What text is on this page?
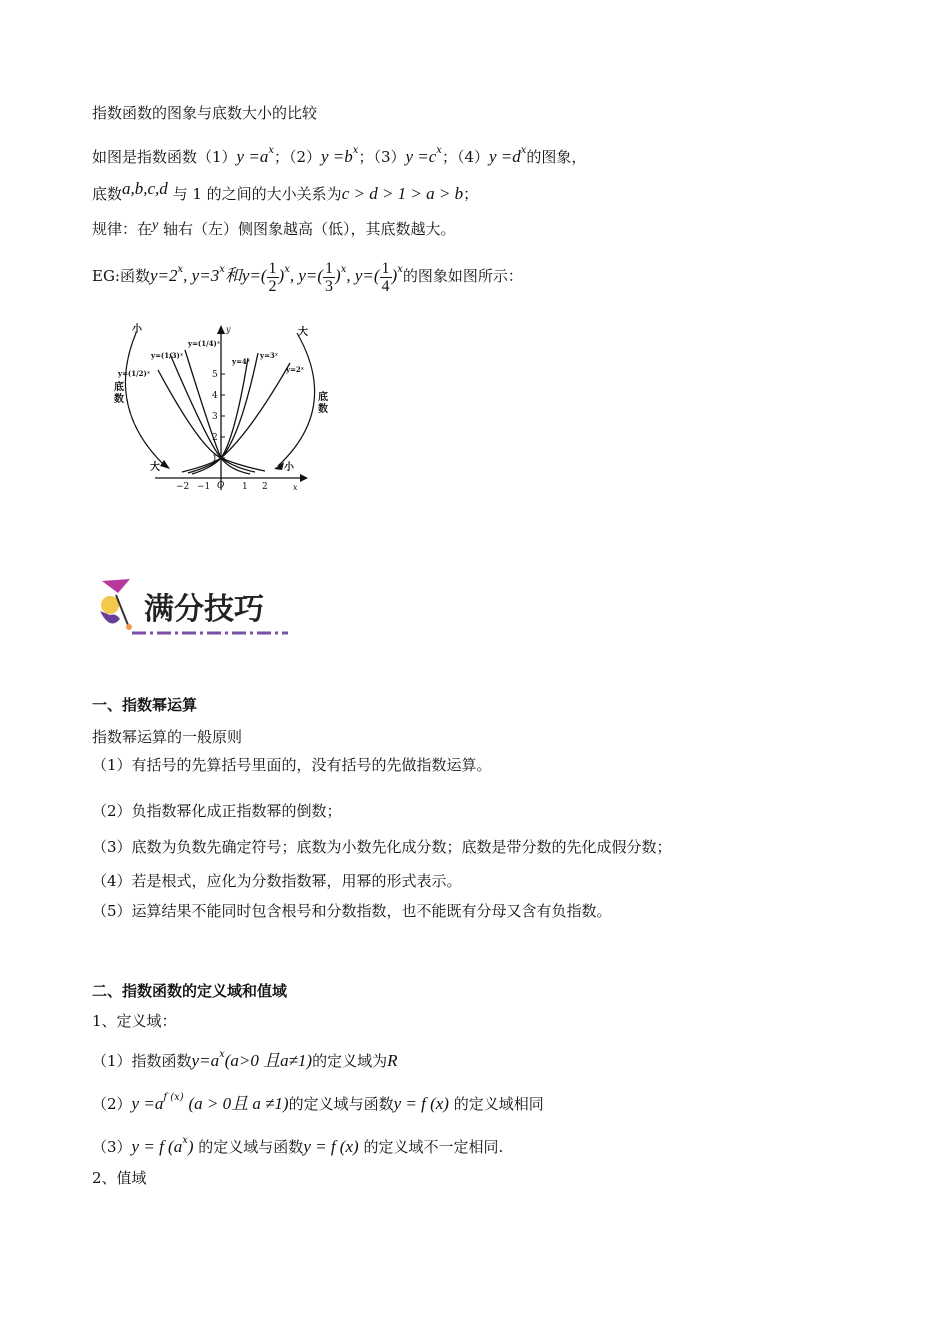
指数函数的图象与底数大小的比较
如图是指数函数$(1)y =a^x$；$(2)y =b^x$；$(3)y =c^x$；$(4)y =d^x$的图象，
底数a,b,c,d 与 1 的之间的大小关系为c > d > 1 > a > b；
规律：在y 轴右（左）侧图象越高（低），其底数越大。
EG:函数$y=2^x$, $y=3^x$和$y=( \frac{1}{2} )^x$, $y=( \frac{1}{3} )^x$, $y=( \frac{1}{4} )^x$的图象如图所示：
y
x
O
1
2
3
4
5
−2 −1	1 2
小	大
底
数	底
数
大	小
y=(1/3)ˣ
y=(1/4)ˣ
y=(1/2)ˣ
y=4ˣ
y=3ˣ
y=2ˣ
满分技巧
一、指数幂运算
指数幂运算的一般原则
（1）有括号的先算括号里面的，没有括号的先做指数运算。
（2）负指数幂化成正指数幂的倒数；
（3）底数为负数先确定符号；底数为小数先化成分数；底数是带分数的先化成假分数；
（4）若是根式，应化为分数指数幂，用幂的形式表示。
（5）运算结果不能同时包含根号和分数指数，也不能既有分母又含有负指数。
二、指数函数的定义域和值域
1、定义域：
（1）指数函数$y=a^x(a>0$ 且a≠1)的定义域为R
$(2)y =a^{f (x)}$ (a > 0且 a ≠1)的定义域与函数y = f (x) 的定义域相同
（3）y = f $(a^x)$ 的定义域与函数y = f (x) 的定义域不一定相同.
2、值域
